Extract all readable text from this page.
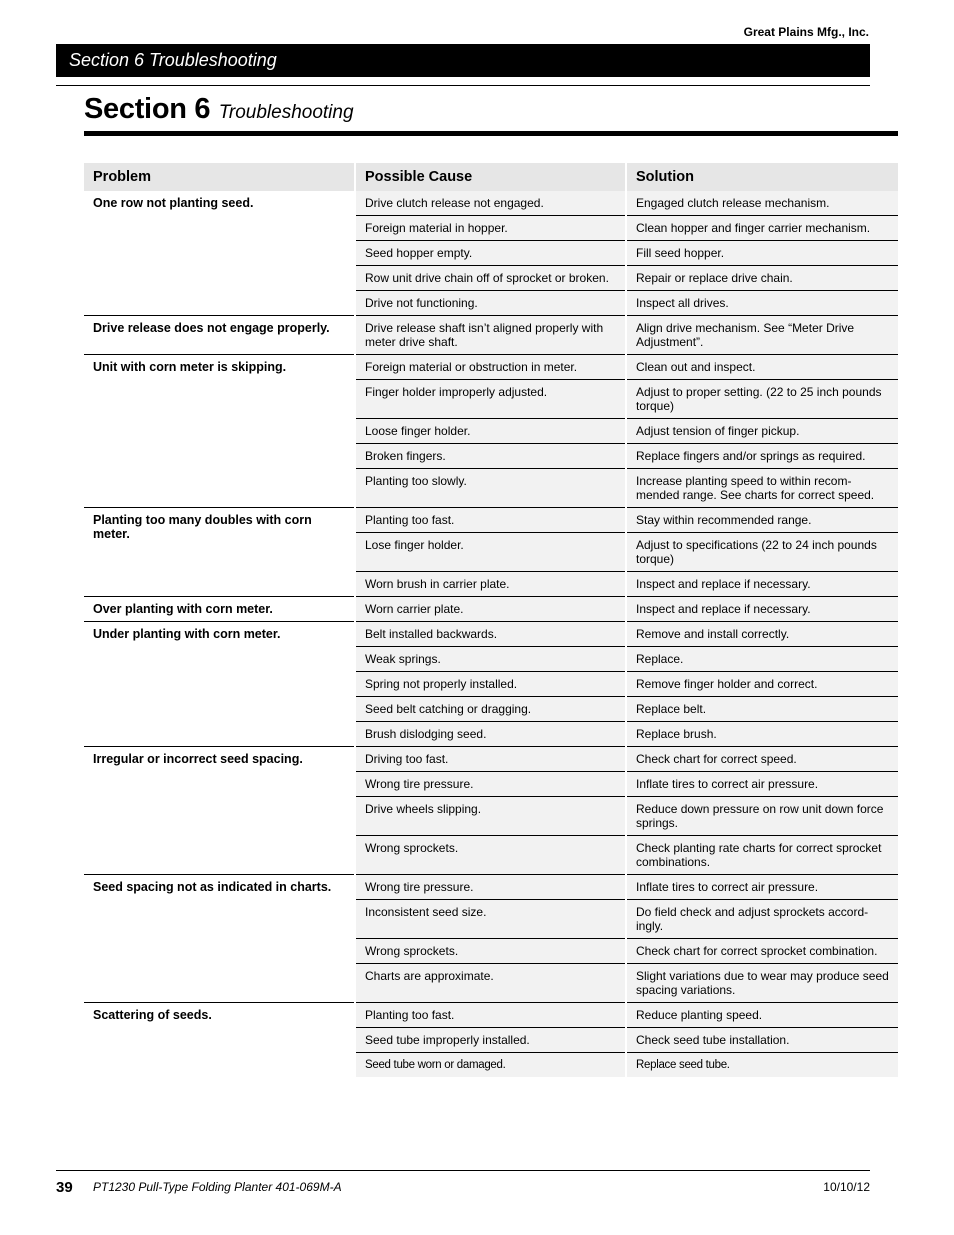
Great Plains Mfg., Inc.
Section 6 Troubleshooting
Section 6 Troubleshooting
Problem	Possible Cause	Solution
One row not planting seed.	Drive clutch release not engaged.	Engaged clutch release mechanism.
	Foreign material in hopper.	Clean hopper and finger carrier mechanism.
	Seed hopper empty.	Fill seed hopper.
	Row unit drive chain off of sprocket or broken.	Repair or replace drive chain.
	Drive not functioning.	Inspect all drives.
Drive release does not engage properly.	Drive release shaft isn’t aligned properly with meter drive shaft.	Align drive mechanism. See “Meter Drive Adjustment”.
Unit with corn meter is skipping.	Foreign material or obstruction in meter.	Clean out and inspect.
	Finger holder improperly adjusted.	Adjust to proper setting. (22 to 25 inch pounds torque)
	Loose finger holder.	Adjust tension of finger pickup.
	Broken fingers.	Replace fingers and/or springs as required.
	Planting too slowly.	Increase planting speed to within recom-mended range. See charts for correct speed.
Planting too many doubles with corn meter.	Planting too fast.	Stay within recommended range.
	Lose finger holder.	Adjust to specifications (22 to 24 inch pounds torque)
	Worn brush in carrier plate.	Inspect and replace if necessary.
Over planting with corn meter.	Worn carrier plate.	Inspect and replace if necessary.
Under planting with corn meter.	Belt installed backwards.	Remove and install correctly.
	Weak springs.	Replace.
	Spring not properly installed.	Remove finger holder and correct.
	Seed belt catching or dragging.	Replace belt.
	Brush dislodging seed.	Replace brush.
Irregular or incorrect seed spacing.	Driving too fast.	Check chart for correct speed.
	Wrong tire pressure.	Inflate tires to correct air pressure.
	Drive wheels slipping.	Reduce down pressure on row unit down force springs.
	Wrong sprockets.	Check planting rate charts for correct sprocket combinations.
Seed spacing not as indicated in charts.	Wrong tire pressure.	Inflate tires to correct air pressure.
	Inconsistent seed size.	Do field check and adjust sprockets accord-ingly.
	Wrong sprockets.	Check chart for correct sprocket combination.
	Charts are approximate.	Slight variations due to wear may produce seed spacing variations.
Scattering of seeds.	Planting too fast.	Reduce planting speed.
	Seed tube improperly installed.	Check seed tube installation.
	Seed tube worn or damaged.	Replace seed tube.
39 PT1230 Pull-Type Folding Planter 401-069M-A	10/10/12
